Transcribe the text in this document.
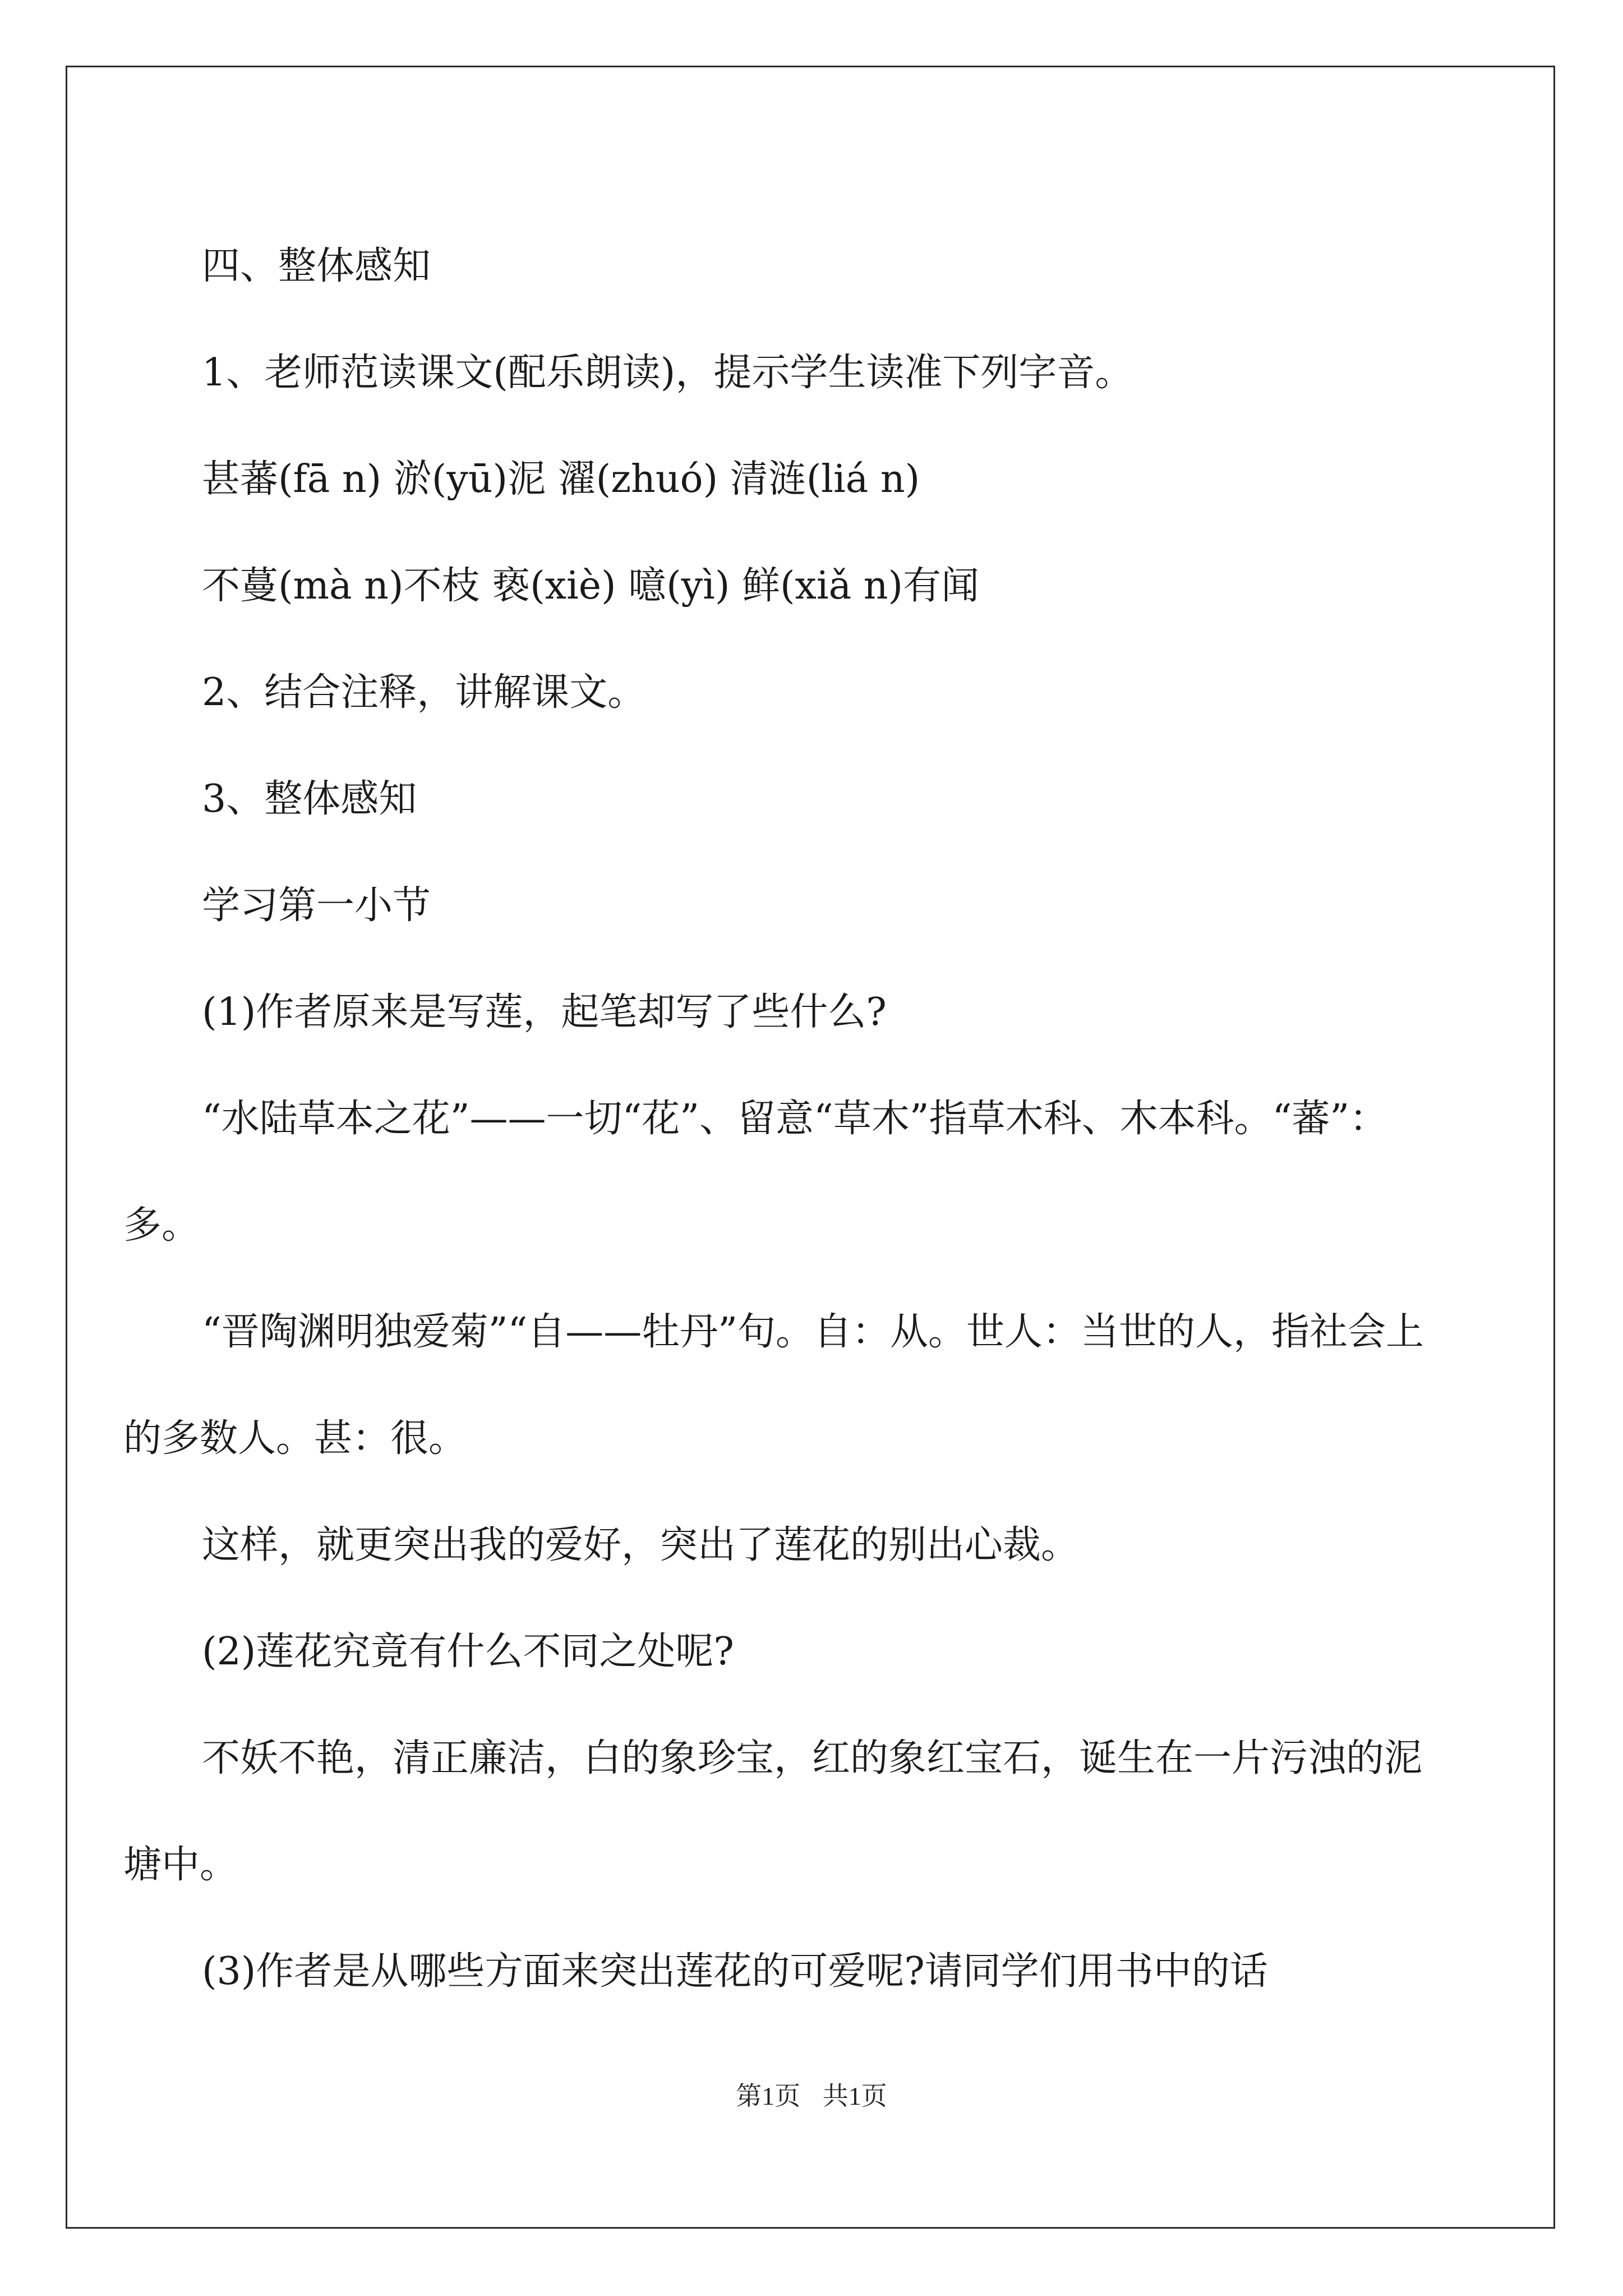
四、整体感知

1、老师范读课文(配乐朗读)，提示学生读准下列字音。

甚蕃(fā n) 淤(yū)泥 濯(zhuó) 清涟(liá n)

不蔓(mà n)不枝 亵(xiè) 噫(yì) 鲜(xiǎ n)有闻

2、结合注释，讲解课文。

3、整体感知

学习第一小节

(1)作者原来是写莲，起笔却写了些什么?

“水陆草本之花”——一切“花”、留意“草木”指草木科、木本科。“蕃”：多。

“晋陶渊明独爱菊”“自——牡丹”句。自：从。世人：当世的人，指社会上的多数人。甚：很。

这样，就更突出我的爱好，突出了莲花的别出心裁。

(2)莲花究竟有什么不同之处呢?

不妖不艳，清正廉洁，白的象珍宝，红的象红宝石，诞生在一片污浊的泥塘中。

(3)作者是从哪些方面来突出莲花的可爱呢?请同学们用书中的话

第1页 共1页
